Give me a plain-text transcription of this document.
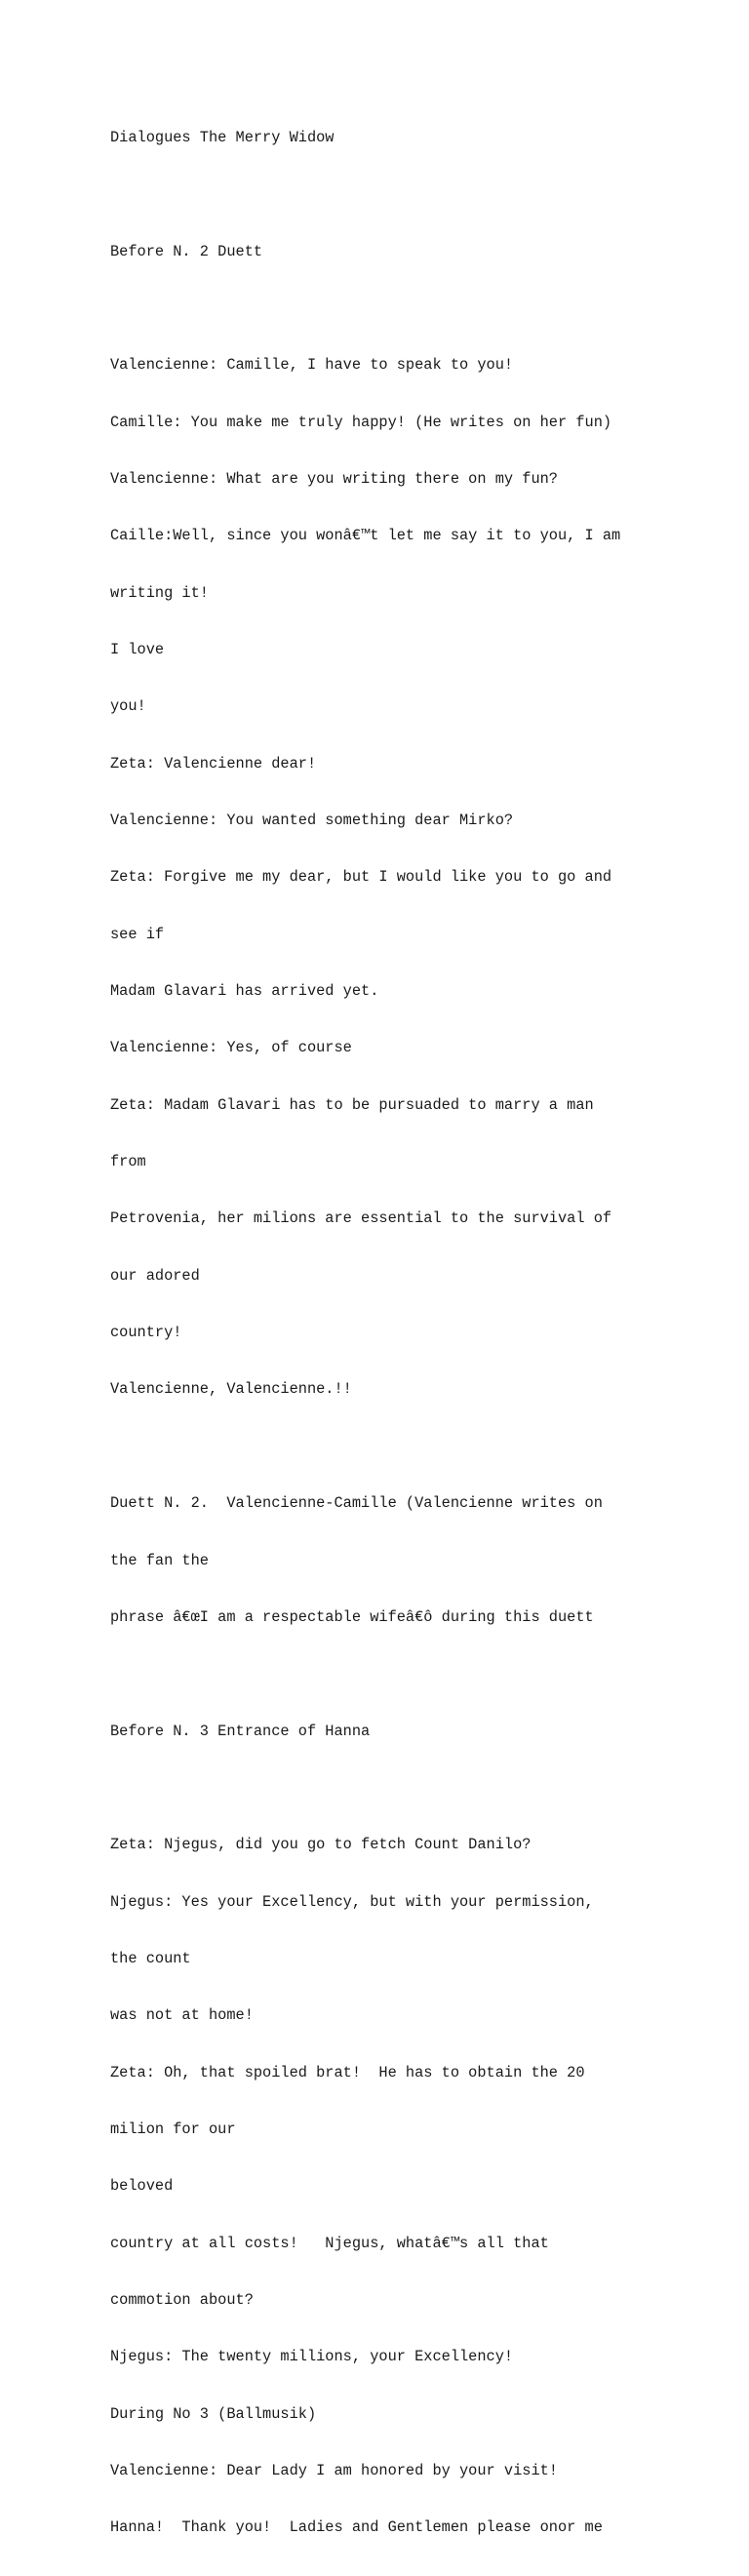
Dialogues The Merry Widow

Before N. 2 Duett

Valencienne: Camille, I have to speak to you!

Camille: You make me truly happy! (He writes on her fun)

Valencienne: What are you writing there on my fun?

Caille:Well, since you wonâ€™t let me say it to you, I am

writing it!

I love

you!

Zeta: Valencienne dear!

Valencienne: You wanted something dear Mirko?

Zeta: Forgive me my dear, but I would like you to go and

see if

Madam Glavari has arrived yet.

Valencienne: Yes, of course

Zeta: Madam Glavari has to be pursuaded to marry a man

from

Petrovenia, her milions are essential to the survival of

our adored

country!

Valencienne, Valencienne.!!

Duett N. 2.  Valencienne-Camille (Valencienne writes on

the fan the

phrase â€œI am a respectable wifeâ€ô during this duett

Before N. 3 Entrance of Hanna

Zeta: Njegus, did you go to fetch Count Danilo?

Njegus: Yes your Excellency, but with your permission,

the count

was not at home!

Zeta: Oh, that spoiled brat!  He has to obtain the 20

milion for our

beloved

country at all costs!   Njegus, whatâ€™s all that

commotion about?

Njegus: The twenty millions, your Excellency!

During No 3 (Ballmusik)

Valencienne: Dear Lady I am honored by your visit!

Hanna!  Thank you!  Ladies and Gentlemen please onor me
